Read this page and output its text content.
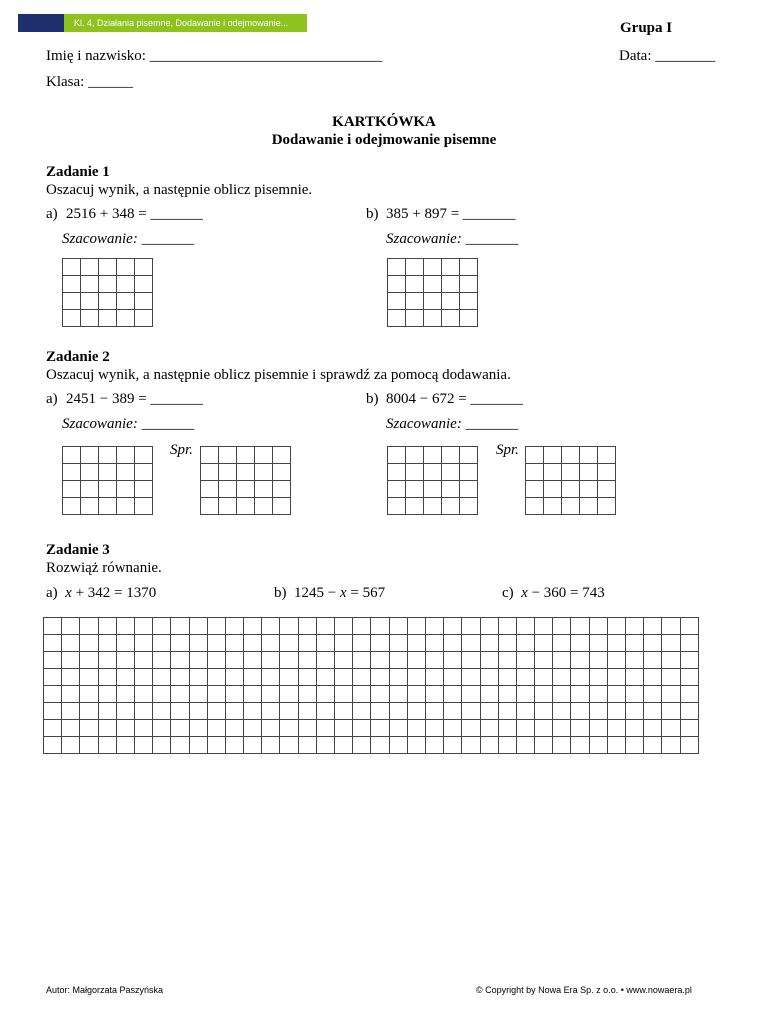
Kl. 4, Działania pisemne, Dodawanie i odejmowanie...	Grupa I
Imię i nazwisko: _______________________________	Data: ________
Klasa: ______
KARTKÓWKA
Dodawanie i odejmowanie pisemne
Zadanie 1
Oszacuj wynik, a następnie oblicz pisemnie.
a) 2516 + 348 = _______	b) 385 + 897 = _______
Szacowanie: _______	Szacowanie: _______
Zadanie 2
Oszacuj wynik, a następnie oblicz pisemnie i sprawdź za pomocą dodawania.
a) 2451 − 389 = _______	b) 8004 − 672 = _______
Szacowanie: _______	Szacowanie: _______
Spr.	Spr.
Zadanie 3
Rozwiąż równanie.
a) x + 342 = 1370	b) 1245 − x = 567	c) x − 360 = 743
Autor: Małgorzata Paszyńska	© Copyright by Nowa Era Sp. z o.o. • www.nowaera.pl
